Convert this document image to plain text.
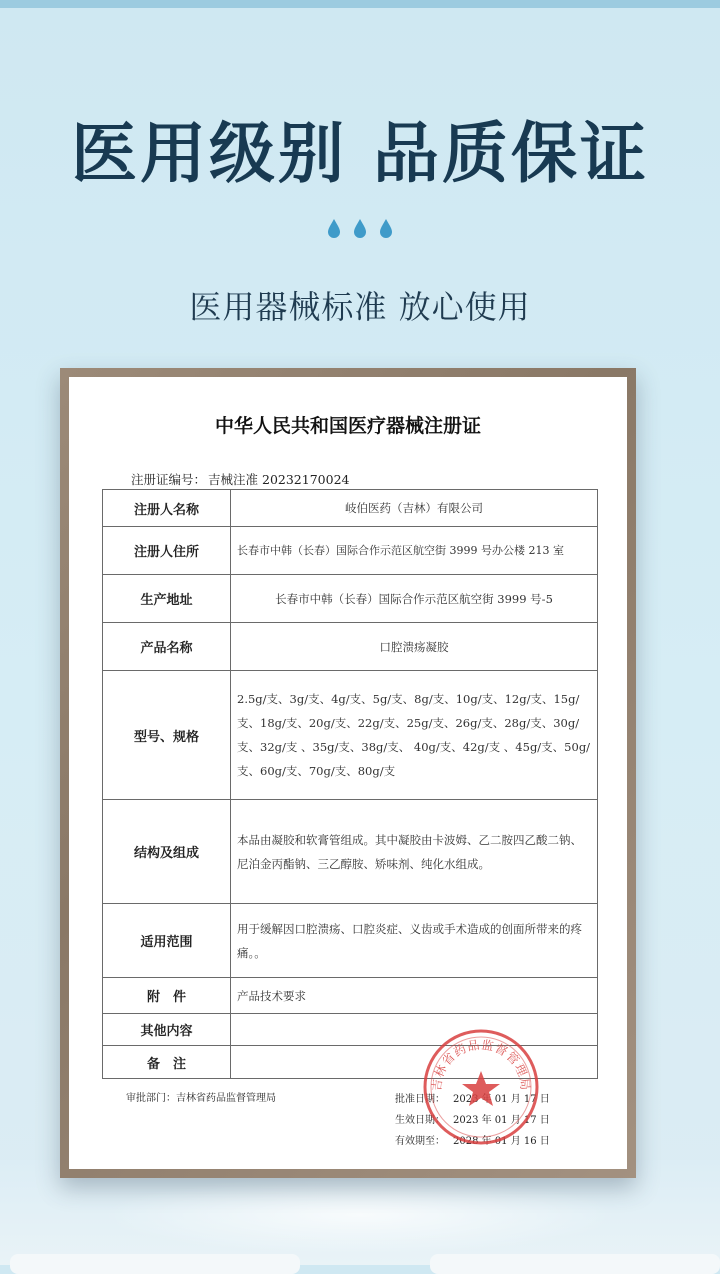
医用级别 品质保证
医用器械标准 放心使用
中华人民共和国医疗器械注册证
注册证编号： 吉械注准 20232170024
注册人名称	岐伯医药（吉林）有限公司
注册人住所	长春市中韩（长春）国际合作示范区航空街 3999 号办公楼 213 室
生产地址	长春市中韩（长春）国际合作示范区航空街 3999 号-5
产品名称	口腔溃疡凝胶
型号、规格	2.5g/支、3g/支、4g/支、5g/支、8g/支、10g/支、12g/支、15g/支、18g/支、20g/支、22g/支、25g/支、26g/支、28g/支、30g/支、32g/支 、35g/支、38g/支、 40g/支、42g/支 、45g/支、50g/支、60g/支、70g/支、80g/支
结构及组成	本品由凝胶和软膏管组成。其中凝胶由卡波姆、乙二胺四乙酸二钠、尼泊金丙酯钠、三乙醇胺、矫味剂、纯化水组成。
适用范围	用于缓解因口腔溃疡、口腔炎症、义齿或手术造成的创面所带来的疼痛。。
附　件	产品技术要求
其他内容	
备　注	
审批部门：吉林省药品监督管理局	批准日期： 2023 年 01 月 17 日
生效日期： 2023 年 01 月 17 日
有效期至： 2028 年 01 月 16 日
吉林省药品监督管理局
